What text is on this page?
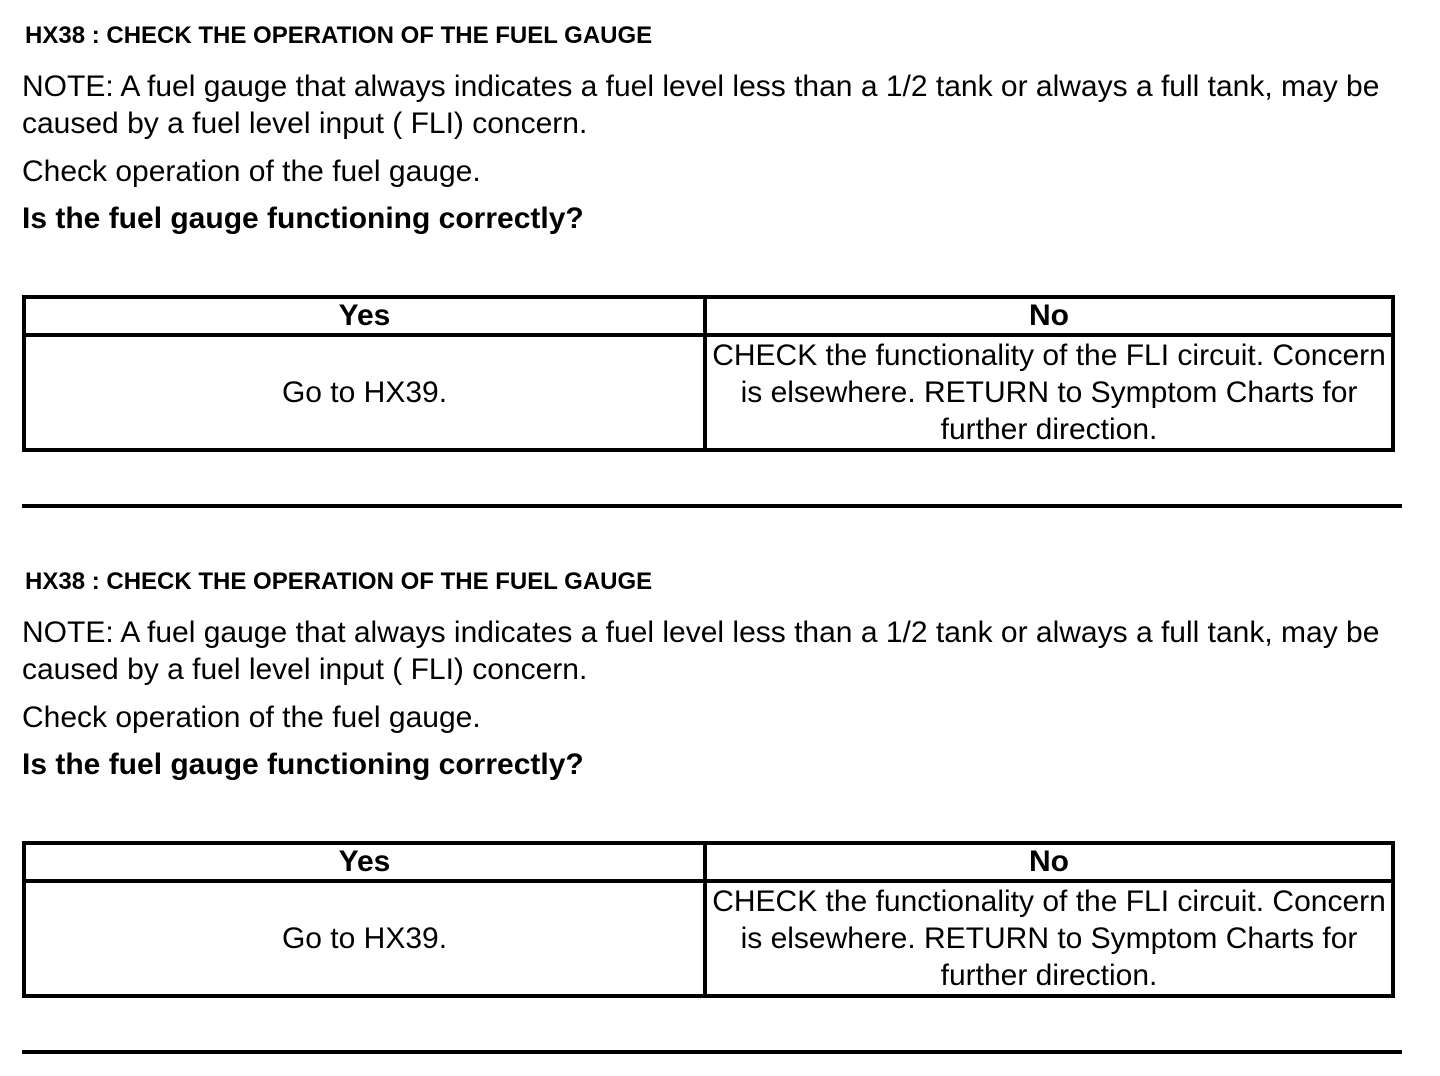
HX38 : CHECK THE OPERATION OF THE FUEL GAUGE
NOTE: A fuel gauge that always indicates a fuel level less than a 1/2 tank or always a full tank, may be caused by a fuel level input ( FLI) concern.
Check operation of the fuel gauge.
Is the fuel gauge functioning correctly?
Yes	No
Go to HX39.	CHECK the functionality of the FLI circuit. Concern is elsewhere. RETURN to Symptom Charts for further direction.
HX38 : CHECK THE OPERATION OF THE FUEL GAUGE
NOTE: A fuel gauge that always indicates a fuel level less than a 1/2 tank or always a full tank, may be caused by a fuel level input ( FLI) concern.
Check operation of the fuel gauge.
Is the fuel gauge functioning correctly?
Yes	No
Go to HX39.	CHECK the functionality of the FLI circuit. Concern is elsewhere. RETURN to Symptom Charts for further direction.
